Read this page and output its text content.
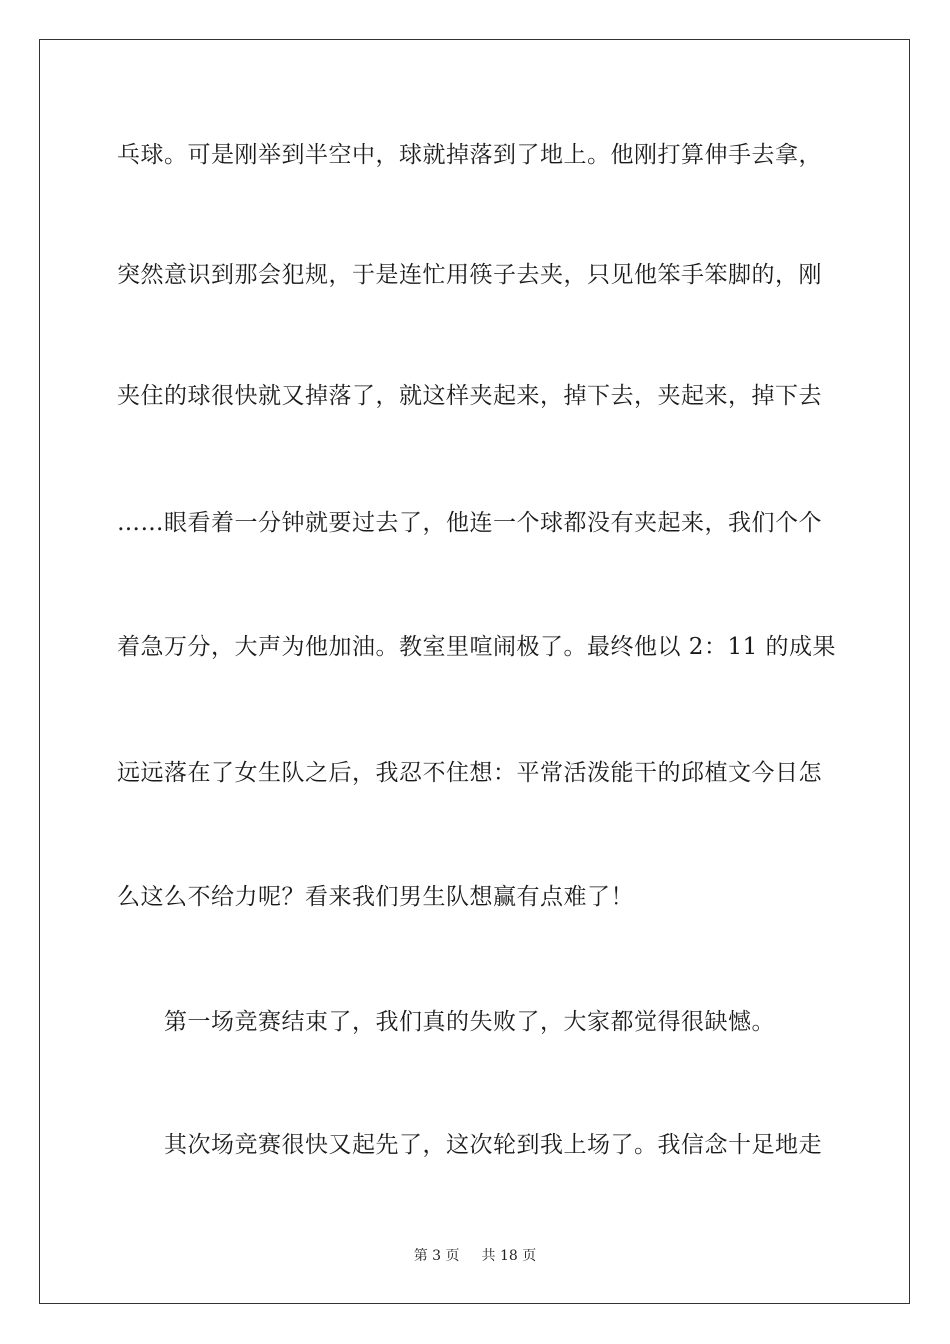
乓球。可是刚举到半空中，球就掉落到了地上。他刚打算伸手去拿，
突然意识到那会犯规，于是连忙用筷子去夹，只见他笨手笨脚的，刚
夹住的球很快就又掉落了，就这样夹起来，掉下去，夹起来，掉下去
……眼看着一分钟就要过去了，他连一个球都没有夹起来，我们个个
着急万分，大声为他加油。教室里喧闹极了。最终他以 2：11 的成果
远远落在了女生队之后，我忍不住想：平常活泼能干的邱植文今日怎
么这么不给力呢？看来我们男生队想赢有点难了！
第一场竞赛结束了，我们真的失败了，大家都觉得很缺憾。
其次场竞赛很快又起先了，这次轮到我上场了。我信念十足地走
第 3 页 共 18 页
